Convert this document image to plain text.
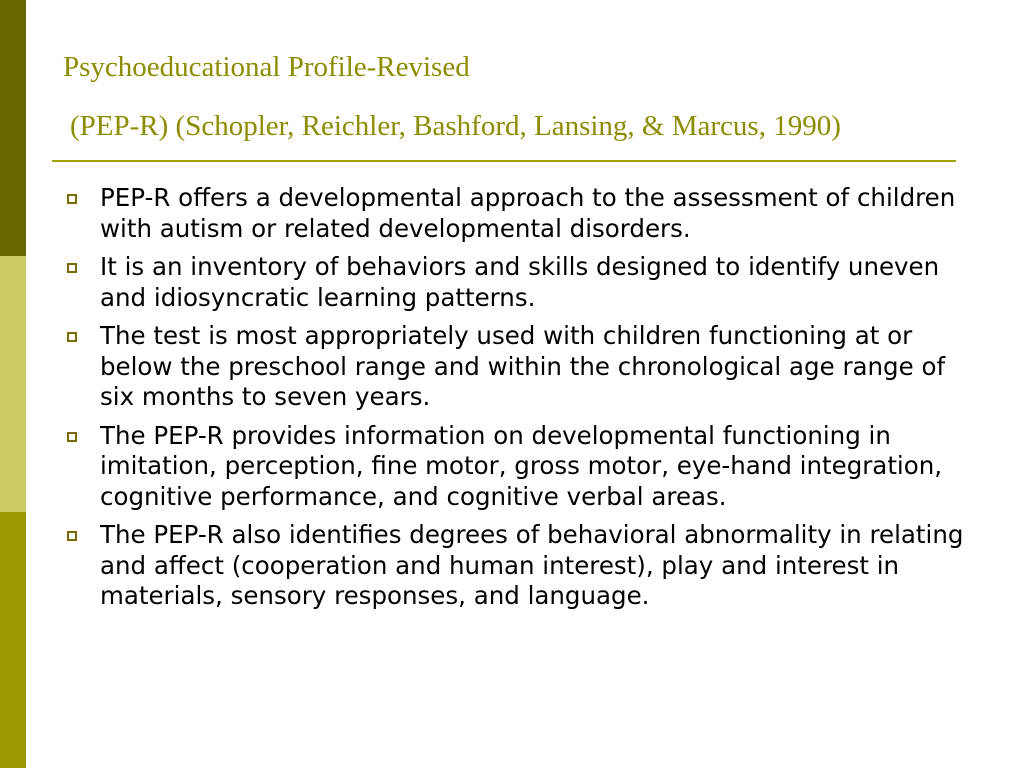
Psychoeducational Profile-Revised
(PEP-R) (Schopler, Reichler, Bashford, Lansing, & Marcus, 1990)
PEP-R offers a developmental approach to the assessment of children with autism or related developmental disorders.
It is an inventory of behaviors and skills designed to identify uneven and idiosyncratic learning patterns.
The test is most appropriately used with children functioning at or below the preschool range and within the chronological age range of six months to seven years.
The PEP-R provides information on developmental functioning in imitation, perception, fine motor, gross motor, eye-hand integration, cognitive performance, and cognitive verbal areas.
The PEP-R also identifies degrees of behavioral abnormality in relating and affect (cooperation and human interest), play and interest in materials, sensory responses, and language.
